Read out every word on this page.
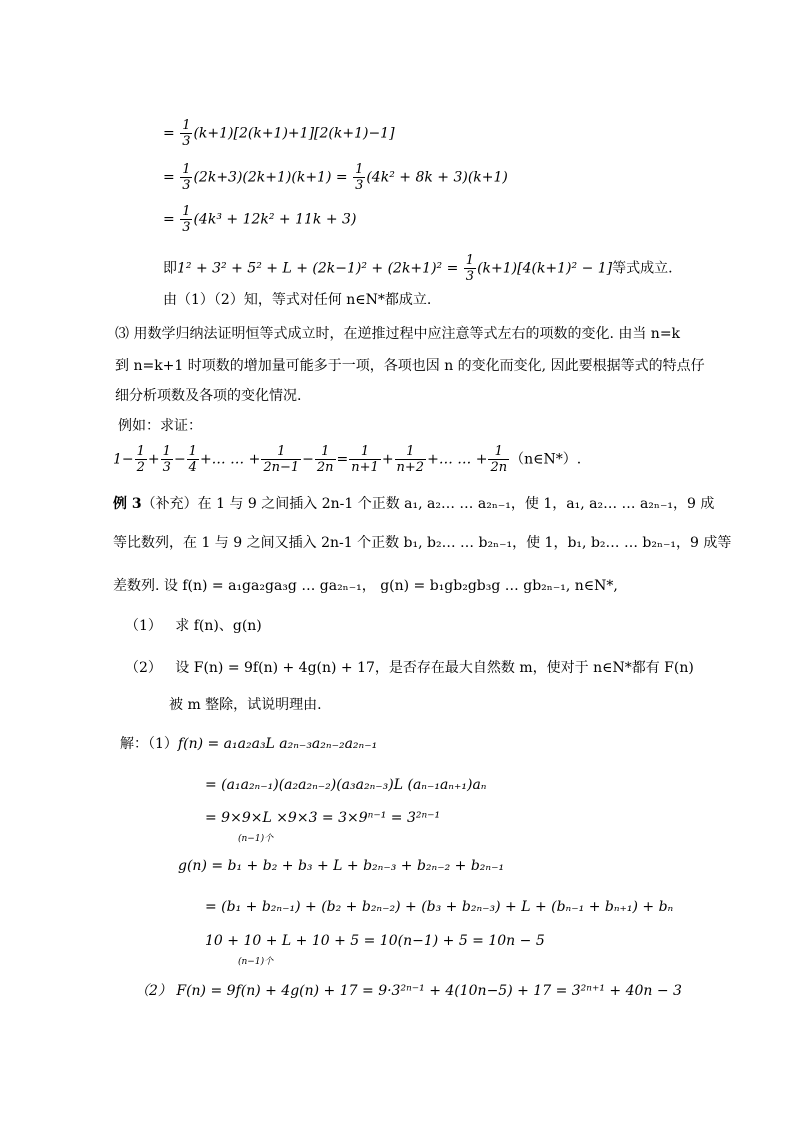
= $\frac{1}{3} (k+1)[2(k+1)+1][2(k+1)-1]$
= $\frac{1}{3} (2k+3)(2k+1)(k+1) = \frac{1}{3} (4k^2 + 8k + 3)(k+1)$
= $\frac{1}{3} (4k^3 + 12k^2 + 11k + 3)$
即$1^2 + 3^2 + 5^2 + L + (2k-1)^2 + (2k+1)^2 = \frac{1}{3} (k+1)[4(k+1)^2 - 1]$等式成立.
由（1）（2）知，等式对任何 n∈N*都成立.
⑶ 用数学归纳法证明恒等式成立时，在逆推过程中应注意等式左右的项数的变化. 由当 n=k
到 n=k+1 时项数的增加量可能多于一项，各项也因 n 的变化而变化, 因此要根据等式的特点仔
细分析项数及各项的变化情况.
例如：求证：
$1- \frac{1}{2} + \frac{1}{3} - \frac{1}{4}$ +… … + $\frac{1}{2n-1} - \frac{1}{2n} = \frac{1}{n+1} + \frac{1}{n+2}$ +… … + $\frac{1}{2n}$ （n∈N*）.
例 3（补充）在 1 与 9 之间插入 2n-1 个正数 a₁, a₂… … a₂ₙ₋₁，使 1，a₁, a₂… … a₂ₙ₋₁，9 成
等比数列，在 1 与 9 之间又插入 2n-1 个正数 b₁, b₂… … b₂ₙ₋₁，使 1，b₁, b₂… … b₂ₙ₋₁，9 成等
差数列. 设 f(n) = a₁ga₂ga₃g … ga₂ₙ₋₁， g(n) = b₁gb₂gb₃g … gb₂ₙ₋₁, n∈N*,
（1） 求 f(n)、g(n)
（2） 设 F(n) = 9f(n) + 4g(n) + 17，是否存在最大自然数 m，使对于 n∈N*都有 F(n)
被 m 整除，试说明理由.
解：（1）f(n) = a₁a₂a₃L a₂ₙ₋₃a₂ₙ₋₂a₂ₙ₋₁
= (a₁a₂ₙ₋₁)(a₂a₂ₙ₋₂)(a₃a₂ₙ₋₃)L (aₙ₋₁aₙ₊₁)aₙ
= 9×9×L ×9×3 = 3×9ⁿ⁻¹ = 3²ⁿ⁻¹
(n−1)个
g(n) = b₁ + b₂ + b₃ + L + b₂ₙ₋₃ + b₂ₙ₋₂ + b₂ₙ₋₁
= (b₁ + b₂ₙ₋₁) + (b₂ + b₂ₙ₋₂) + (b₃ + b₂ₙ₋₃) + L + (bₙ₋₁ + bₙ₊₁) + bₙ
10 + 10 + L + 10 + 5 = 10(n−1) + 5 = 10n − 5
(n−1)个
（2） F(n) = 9f(n) + 4g(n) + 17 = 9·3²ⁿ⁻¹ + 4(10n−5) + 17 = 3²ⁿ⁺¹ + 40n − 3
